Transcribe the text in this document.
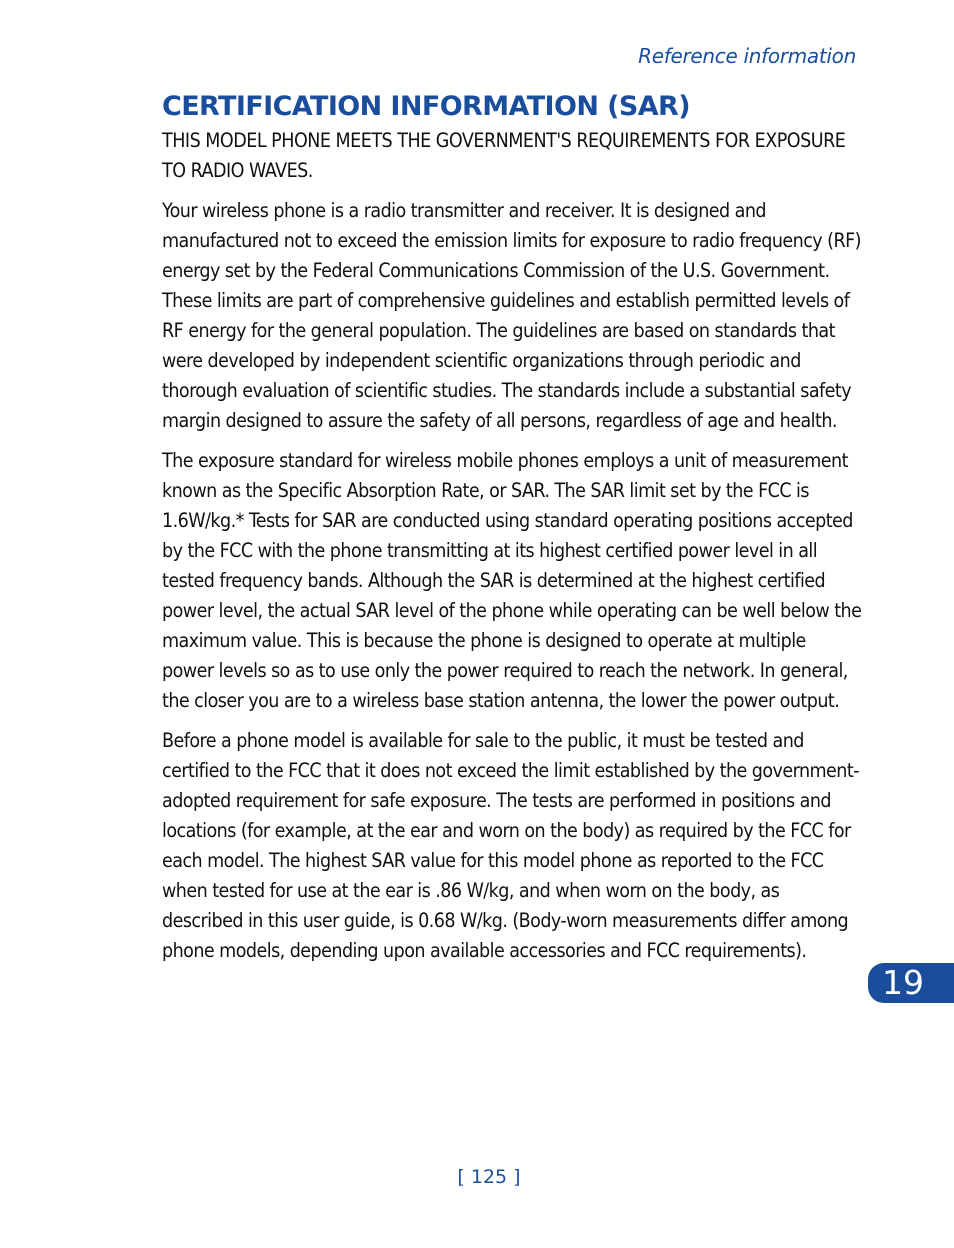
Reference information
CERTIFICATION INFORMATION (SAR)

THIS MODEL PHONE MEETS THE GOVERNMENT'S REQUIREMENTS FOR EXPOSURE TO RADIO WAVES.

Your wireless phone is a radio transmitter and receiver. It is designed and manufactured not to exceed the emission limits for exposure to radio frequency (RF) energy set by the Federal Communications Commission of the U.S. Government. These limits are part of comprehensive guidelines and establish permitted levels of RF energy for the general population. The guidelines are based on standards that were developed by independent scientific organizations through periodic and thorough evaluation of scientific studies. The standards include a substantial safety margin designed to assure the safety of all persons, regardless of age and health.

The exposure standard for wireless mobile phones employs a unit of measurement known as the Specific Absorption Rate, or SAR. The SAR limit set by the FCC is 1.6W/kg.* Tests for SAR are conducted using standard operating positions accepted by the FCC with the phone transmitting at its highest certified power level in all tested frequency bands. Although the SAR is determined at the highest certified power level, the actual SAR level of the phone while operating can be well below the maximum value. This is because the phone is designed to operate at multiple power levels so as to use only the power required to reach the network. In general, the closer you are to a wireless base station antenna, the lower the power output.

Before a phone model is available for sale to the public, it must be tested and certified to the FCC that it does not exceed the limit established by the government-adopted requirement for safe exposure. The tests are performed in positions and locations (for example, at the ear and worn on the body) as required by the FCC for each model. The highest SAR value for this model phone as reported to the FCC when tested for use at the ear is .86 W/kg, and when worn on the body, as described in this user guide, is 0.68 W/kg. (Body-worn measurements differ among phone models, depending upon available accessories and FCC requirements).

19
[ 125 ]
